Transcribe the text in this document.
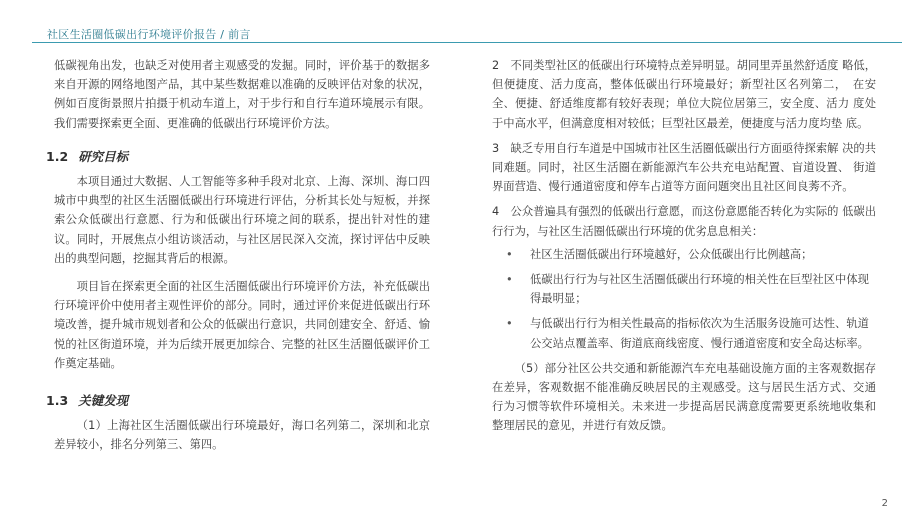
社区生活圈低碳出行环境评价报告 / 前言

低碳视角出发，也缺乏对使用者主观感受的发掘。同时，评价基于的数据多来自开源的网络地图产品，其中某些数据难以准确的反映评估对象的状况，例如百度街景照片拍摄于机动车道上，对于步行和自行车道环境展示有限。我们需要探索更全面、更准确的低碳出行环境评价方法。

1.2 研究目标

本项目通过大数据、人工智能等多种手段对北京、上海、深圳、海口四城市中典型的社区生活圈低碳出行环境进行评估，分析其长处与短板，并探索公众低碳出行意愿、行为和低碳出行环境之间的联系，提出针对性的建议。同时，开展焦点小组访谈活动，与社区居民深入交流，探讨评估中反映出的典型问题，挖掘其背后的根源。

项目旨在探索更全面的社区生活圈低碳出行环境评价方法，补充低碳出行环境评价中使用者主观性评价的部分。同时，通过评价来促进低碳出行环境改善，提升城市规划者和公众的低碳出行意识，共同创建安全、舒适、愉悦的社区街道环境，并为后续开展更加综合、完整的社区生活圈低碳评价工作奠定基础。

1.3 关键发现

（1）上海社区生活圈低碳出行环境最好，海口名列第二，深圳和北京差异较小，排名分列第三、第四。

2　不同类型社区的低碳出行环境特点差异明显。胡同里弄虽然舒适度 略低，但便捷度、活力度高，整体低碳出行环境最好；新型社区名列第二，　在安全、便捷、舒适维度都有较好表现；单位大院位居第三，安全度、活力 度处于中高水平，但满意度相对较低；巨型社区最差，便捷度与活力度均垫 底。

3　缺乏专用自行车道是中国城市社区生活圈低碳出行方面亟待探索解 决的共同难题。同时，社区生活圈在新能源汽车公共充电站配置、盲道设置、 街道界面营造、慢行通道密度和停车占道等方面问题突出且社区间良莠不齐。

4　公众普遍具有强烈的低碳出行意愿，而这份意愿能否转化为实际的 低碳出行行为，与社区生活圈低碳出行环境的优劣息息相关：

• 社区生活圈低碳出行环境越好，公众低碳出行比例越高；
• 低碳出行行为与社区生活圈低碳出行环境的相关性在巨型社区中体现得最明显；
• 与低碳出行行为相关性最高的指标依次为生活服务设施可达性、轨道公交站点覆盖率、街道底商线密度、慢行通道密度和安全岛达标率。

（5）部分社区公共交通和新能源汽车充电基础设施方面的主客观数据存在差异，客观数据不能准确反映居民的主观感受。这与居民生活方式、交通行为习惯等软件环境相关。未来进一步提高居民满意度需要更系统地收集和整理居民的意见，并进行有效反馈。

2
